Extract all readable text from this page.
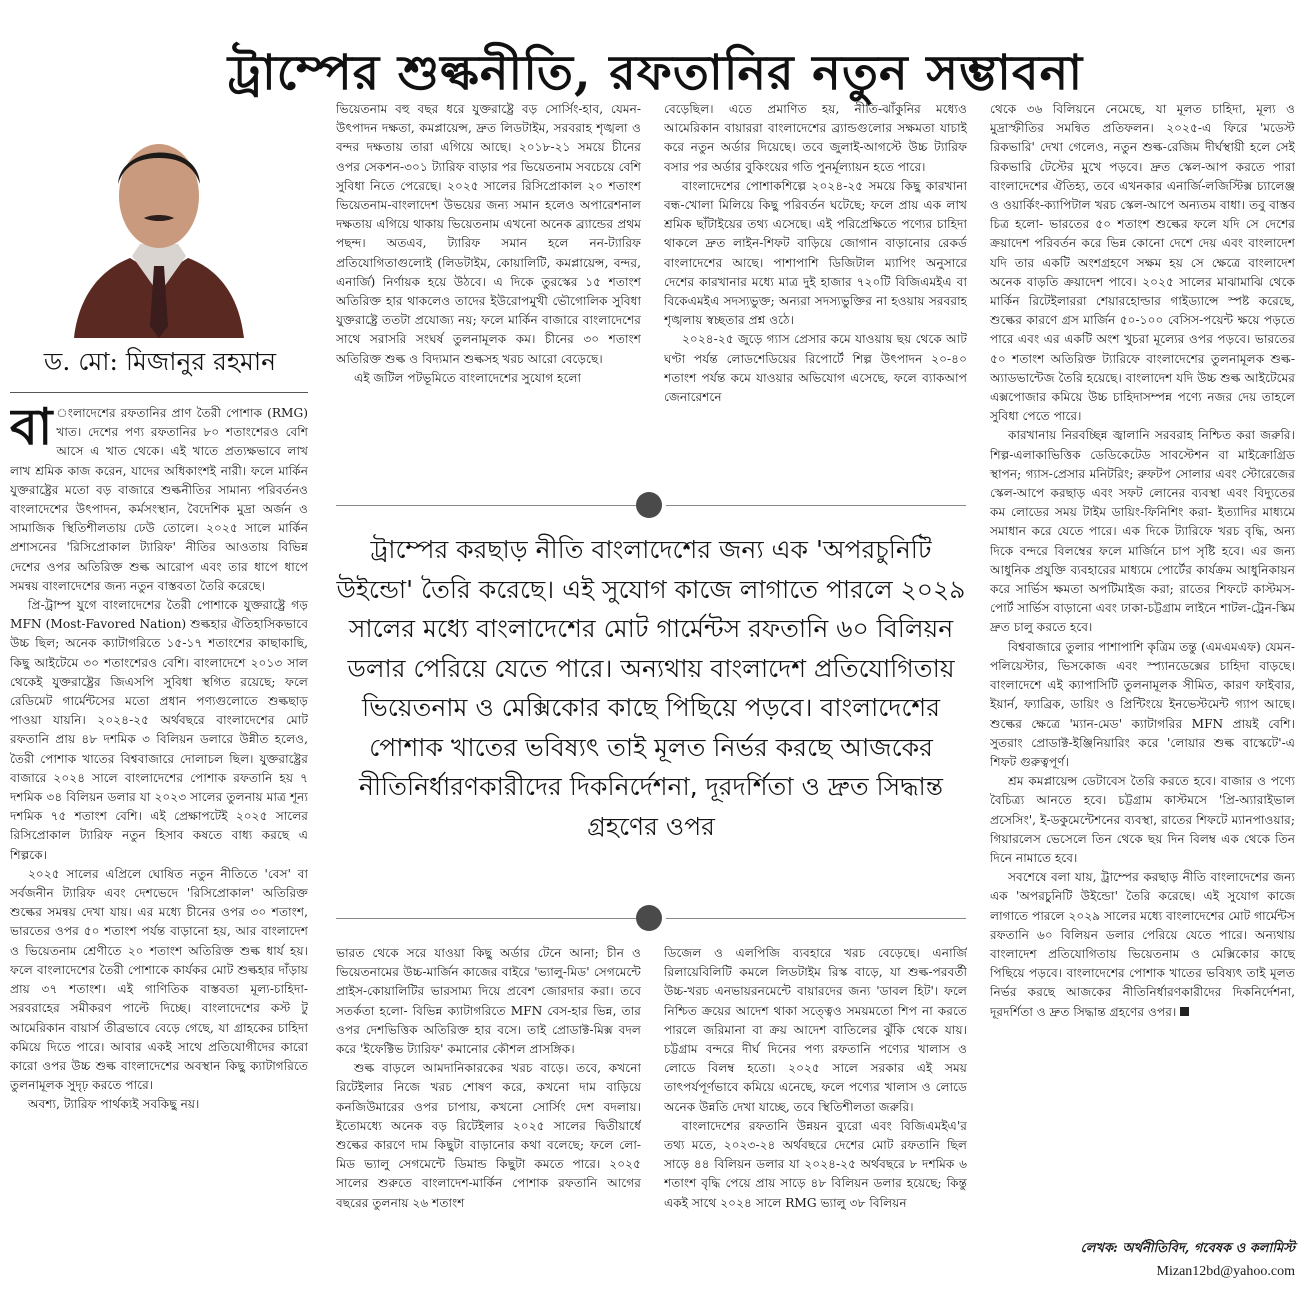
ট্রাম্পের শুল্কনীতি, রফতানির নতুন সম্ভাবনা
ড. মো: মিজানুর রহমান

বা ংলাদেশের রফতানির প্রাণ তৈরী পোশাক (RMG) খাত। দেশের পণ্য রফতানির ৮০ শতাংশেরও বেশি আসে এ খাত থেকে। এই খাতে প্রত্যক্ষভাবে লাখ লাখ শ্রমিক কাজ করেন, যাদের অধিকাংশই নারী। ফলে মার্কিন যুক্তরাষ্ট্রের মতো বড় বাজারে শুল্কনীতির সামান্য পরিবর্তনও বাংলাদেশের উৎপাদন, কর্মসংস্থান, বৈদেশিক মুদ্রা অর্জন ও সামাজিক স্থিতিশীলতায় ঢেউ তোলে। ২০২৫ সালে মার্কিন প্রশাসনের 'রিসিপ্রোকাল ট্যারিফ' নীতির আওতায় বিভিন্ন দেশের ওপর অতিরিক্ত শুল্ক আরোপ এবং তার ধাপে ধাপে সমন্বয় বাংলাদেশের জন্য নতুন বাস্তবতা তৈরি করেছে।

প্রি-ট্রাম্প যুগে বাংলাদেশের তৈরী পোশাকে যুক্তরাষ্ট্রে গড় MFN (Most-Favored Nation) শুল্কহার ঐতিহাসিকভাবে উচ্চ ছিল; অনেক ক্যাটাগরিতে ১৫-১৭ শতাংশের কাছাকাছি, কিছু আইটেমে ৩০ শতাংশেরও বেশি। বাংলাদেশে ২০১৩ সাল থেকেই যুক্তরাষ্ট্রের জিএসপি সুবিধা স্থগিত রয়েছে; ফলে রেডিমেট গার্মেন্টসের মতো প্রধান পণ্যগুলোতে শুল্কছাড় পাওয়া যায়নি। ২০২৪-২৫ অর্থবছরে বাংলাদেশের মোট রফতানি প্রায় ৪৮ দশমিক ৩ বিলিয়ন ডলারে উন্নীত হলেও, তৈরী পোশাক খাতের বিশ্ববাজারে দোলাচল ছিল। যুক্তরাষ্ট্রের বাজারে ২০২৪ সালে বাংলাদেশের পোশাক রফতানি হয় ৭ দশমিক ৩৪ বিলিয়ন ডলার যা ২০২৩ সালের তুলনায় মাত্র শূন্য দশমিক ৭৫ শতাংশ বেশি। এই প্রেক্ষাপটেই ২০২৫ সালের রিসিপ্রোকাল ট্যারিফ নতুন হিসাব কষতে বাধ্য করছে এ শিল্পকে।

২০২৫ সালের এপ্রিলে ঘোষিত নতুন নীতিতে 'বেস' বা সর্বজনীন ট্যারিফ এবং দেশভেদে 'রিসিপ্রোকাল' অতিরিক্ত শুল্কের সমন্বয় দেখা যায়। এর মধ্যে চীনের ওপর ৩০ শতাংশ, ভারতের ওপর ৫০ শতাংশ পর্যন্ত বাড়ানো হয়, আর বাংলাদেশ ও ভিয়েতনাম শ্রেণীতে ২০ শতাংশ অতিরিক্ত শুল্ক ধার্য হয়। ফলে বাংলাদেশের তৈরী পোশাকে কার্যকর মোট শুল্কহার দাঁড়ায় প্রায় ৩৭ শতাংশ। এই গাণিতিক বাস্তবতা মূল্য-চাহিদা-সরবরাহের সমীকরণ পাল্টে দিচ্ছে। বাংলাদেশের কস্ট টু আমেরিকান বায়ার্স তীব্রভাবে বেড়ে গেছে, যা গ্রাহকের চাহিদা কমিয়ে দিতে পারে। আবার একই সাথে প্রতিযোগীদের কারো কারো ওপর উচ্চ শুল্ক বাংলাদেশের অবস্থান কিছু ক্যাটাগরিতে তুলনামূলক সুদৃঢ় করতে পারে।

অবশ্য, ট্যারিফ পার্থক্যই সবকিছু নয়।

ভিয়েতনাম বহু বছর ধরে যুক্তরাষ্ট্রে বড় সোর্সিং-হাব, যেমন- উৎপাদন দক্ষতা, কমপ্লায়েন্স, দ্রুত লিডটাইম, সরবরাহ শৃঙ্খলা ও বন্দর দক্ষতায় তারা এগিয়ে আছে। ২০১৮-২১ সময়ে চীনের ওপর সেকশন-৩০১ ট্যারিফ বাড়ার পর ভিয়েতনাম সবচেয়ে বেশি সুবিধা নিতে পেরেছে। ২০২৫ সালের রিসিপ্রোকাল ২০ শতাংশ ভিয়েতনাম-বাংলাদেশ উভয়ের জন্য সমান হলেও অপারেশনাল দক্ষতায় এগিয়ে থাকায় ভিয়েতনাম এখনো অনেক ব্র্যান্ডের প্রথম পছন্দ। অতএব, ট্যারিফ সমান হলে নন-ট্যারিফ প্রতিযোগিতাগুলোই (লিডটাইম, কোয়ালিটি, কমপ্লায়েন্স, বন্দর, এনার্জি) নির্ণায়ক হয়ে উঠবে। এ দিকে তুরস্কের ১৫ শতাংশ অতিরিক্ত হার থাকলেও তাদের ইউরোপমুখী ভৌগোলিক সুবিধা যুক্তরাষ্ট্রে ততটা প্রযোজ্য নয়; ফলে মার্কিন বাজারে বাংলাদেশের সাথে সরাসরি সংঘর্ষ তুলনামূলক কম। চীনের ৩০ শতাংশ অতিরিক্ত শুল্ক ও বিদ্যমান শুল্কসহ খরচ আরো বেড়েছে।

এই জটিল পটভূমিতে বাংলাদেশের সুযোগ হলো

বেড়েছিল। এতে প্রমাণিত হয়, নীতি-ঝাঁকুনির মধ্যেও আমেরিকান বায়াররা বাংলাদেশের ব্র্যান্ডগুলোর সক্ষমতা যাচাই করে নতুন অর্ডার দিয়েছে। তবে জুলাই-আগস্টে উচ্চ ট্যারিফ বসার পর অর্ডার বুকিংয়ের গতি পুনর্মূল্যায়ন হতে পারে।

বাংলাদেশের পোশাকশিল্পে ২০২৪-২৫ সময়ে কিছু কারখানা বন্ধ-খোলা মিলিয়ে কিছু পরিবর্তন ঘটেছে; ফলে প্রায় এক লাখ শ্রমিক ছাঁটাইয়ের তথ্য এসেছে। এই পরিপ্রেক্ষিতে পণ্যের চাহিদা থাকলে দ্রুত লাইন-শিফট বাড়িয়ে জোগান বাড়ানোর রেকর্ড বাংলাদেশের আছে। পাশাপাশি ডিজিটাল ম্যাপিং অনুসারে দেশের কারখানার মধ্যে মাত্র দুই হাজার ৭২০টি বিজিএমইএ বা বিকেএমইএ সদস্যভুক্ত; অন্যরা সদস্যভুক্তির না হওয়ায় সরবরাহ শৃঙ্খলায় স্বচ্ছতার প্রশ্ন ওঠে।

২০২৪-২৫ জুড়ে গ্যাস প্রেসার কমে যাওয়ায় ছয় থেকে আট ঘণ্টা পর্যন্ত লোডশেডিয়ের রিপোর্টে শিল্প উৎপাদন ২০-৪০ শতাংশ পর্যন্ত কমে যাওয়ার অভিযোগ এসেছে, ফলে ব্যাকআপ জেনারেশনে

ট্রাম্পের করছাড় নীতি বাংলাদেশের জন্য এক 'অপরচুনিটি উইন্ডো' তৈরি করেছে। এই সুযোগ কাজে লাগাতে পারলে ২০২৯ সালের মধ্যে বাংলাদেশের মোট গার্মেন্টস রফতানি ৬০ বিলিয়ন ডলার পেরিয়ে যেতে পারে। অন্যথায় বাংলাদেশ প্রতিযোগিতায় ভিয়েতনাম ও মেক্সিকোর কাছে পিছিয়ে পড়বে। বাংলাদেশের পোশাক খাতের ভবিষ্যৎ তাই মূলত নির্ভর করছে আজকের নীতিনির্ধারণকারীদের দিকনির্দেশনা, দূরদর্শিতা ও দ্রুত সিদ্ধান্ত গ্রহণের ওপর

ভারত থেকে সরে যাওয়া কিছু অর্ডার টেনে আনা; চীন ও ভিয়েতনামের উচ্চ-মার্জিন কাজের বাইরে 'ভ্যালু-মিড' সেগমেন্টে প্রাইস-কোয়ালিটির ভারসাম্য দিয়ে প্রবেশ জোরদার করা। তবে সতর্কতা হলো- বিভিন্ন ক্যাটাগরিতে MFN বেস-হার ভিন্ন, তার ওপর দেশভিত্তিক অতিরিক্ত হার বসে। তাই প্রোডাক্ট-মিক্স বদল করে 'ইফেক্টিভ ট্যারিফ' কমানোর কৌশল প্রাসঙ্গিক।

শুল্ক বাড়লে আমদানিকারকের খরচ বাড়ে। তবে, কখনো রিটেইলার নিজে খরচ শোষণ করে, কখনো দাম বাড়িয়ে কনজিউমারের ওপর চাপায়, কখনো সোর্সিং দেশ বদলায়। ইতোমধ্যে অনেক বড় রিটেইলার ২০২৫ সালের দ্বিতীয়ার্ধে শুল্কের কারণে দাম কিছুটা বাড়ানোর কথা বলেছে; ফলে লো-মিড ভ্যালু সেগমেন্টে ডিমান্ড কিছুটা কমতে পারে। ২০২৫ সালের শুরুতে বাংলাদেশ-মার্কিন পোশাক রফতানি আগের বছরের তুলনায় ২৬ শতাংশ

ডিজেল ও এলপিজি ব্যবহারে খরচ বেড়েছে। এনার্জি রিলায়েবিলিটি কমলে লিডটাইম রিস্ক বাড়ে, যা শুল্ক-পরবর্তী উচ্চ-খরচ এনভায়রনমেন্টে বায়ারদের জন্য 'ডাবল হিট'। ফলে নিশ্চিত ক্রয়ের আদেশ থাকা সত্ত্বেও সময়মতো শিপ না করতে পারলে জরিমানা বা ক্রয় আদেশ বাতিলের ঝুঁকি থেকে যায়। চট্টগ্রাম বন্দরে দীর্ঘ দিনের পণ্য রফতানি পণ্যের খালাস ও লোডে বিলম্ব হতো। ২০২৫ সালে সরকার এই সময় তাৎপর্যপূর্ণভাবে কমিয়ে এনেছে, ফলে পণ্যের খালাস ও লোডে অনেক উন্নতি দেখা যাচ্ছে, তবে স্থিতিশীলতা জরুরি।

বাংলাদেশের রফতানি উন্নয়ন ব্যুরো এবং বিজিএমইএ'র তথ্য মতে, ২০২৩-২৪ অর্থবছরে দেশের মোট রফতানি ছিল সাড়ে ৪৪ বিলিয়ন ডলার যা ২০২৪-২৫ অর্থবছরে ৮ দশমিক ৬ শতাংশ বৃদ্ধি পেয়ে প্রায় সাড়ে ৪৮ বিলিয়ন ডলার হয়েছে; কিন্তু একই সাথে ২০২৪ সালে RMG ভ্যালু ৩৮ বিলিয়ন

থেকে ৩৬ বিলিয়নে নেমেছে, যা মূলত চাহিদা, মূল্য ও মুদ্রাস্ফীতির সমন্বিত প্রতিফলন। ২০২৫-এ ফিরে 'মডেস্ট রিকভারি' দেখা গেলেও, নতুন শুল্ক-রেজিম দীর্ঘস্থায়ী হলে সেই রিকভারি টেস্টের মুখে পড়বে। দ্রুত স্কেল-আপ করতে পারা বাংলাদেশের ঐতিহ্য, তবে এখনকার এনার্জি-লজিস্টিক্স চ্যালেঞ্জ ও ওয়ার্কিং-ক্যাপিটাল খরচ স্কেল-আপে অন্যতম বাধা। তবু বাস্তব চিত্র হলো- ভারতের ৫০ শতাংশ শুল্কের ফলে যদি সে দেশের ক্রয়াদেশ পরিবর্তন করে ভিন্ন কোনো দেশে দেয় এবং বাংলাদেশ যদি তার একটি অংশগ্রহণে সক্ষম হয় সে ক্ষেত্রে বাংলাদেশ অনেক বাড়তি ক্রয়াদেশ পাবে। ২০২৫ সালের মাঝামাঝি থেকে মার্কিন রিটেইলাররা শেয়ারহোল্ডার গাইড্যান্সে স্পষ্ট করেছে, শুল্কের কারণে গ্রস মার্জিন ৫০-১০০ বেসিস-পয়েন্ট ক্ষয়ে পড়তে পারে এবং এর একটি অংশ খুচরা মূল্যের ওপর পড়বে। ভারতের ৫০ শতাংশ অতিরিক্ত ট্যারিফে বাংলাদেশের তুলনামূলক শুল্ক-অ্যাডভান্টেজ তৈরি হয়েছে। বাংলাদেশ যদি উচ্চ শুল্ক আইটেমের এক্সপোজার কমিয়ে উচ্চ চাহিদাসম্পন্ন পণ্যে নজর দেয় তাহলে সুবিধা পেতে পারে।

কারখানায় নিরবচ্ছিন্ন জ্বালানি সরবরাহ নিশ্চিত করা জরুরি। শিল্প-এলাকাভিত্তিক ডেডিকেটেড সাবস্টেশন বা মাইক্রোগ্রিড স্থাপন; গ্যাস-প্রেসার মনিটরিং; রুফটপ সোলার এবং স্টোরেজের স্কেল-আপে করছাড় এবং সফট লোনের ব্যবস্থা এবং বিদ্যুতের কম লোডের সময় টাইম ডায়িং-ফিনিশিং করা- ইত্যাদির মাধ্যমে সমাধান করে যেতে পারে। এক দিকে ট্যারিফে খরচ বৃদ্ধি, অন্য দিকে বন্দরে বিলম্বের ফলে মার্জিনে চাপ সৃষ্টি হবে। এর জন্য আধুনিক প্রযুক্তি ব্যবহারের মাধ্যমে পোর্টের কার্যক্রম আধুনিকায়ন করে সার্ভিস ক্ষমতা অপটিমাইজ করা; রাতের শিফটে কাস্টমস-পোর্ট সার্ভিস বাড়ানো এবং ঢাকা-চট্টগ্রাম লাইনে শাটল-ট্রেন-স্কিম দ্রুত চালু করতে হবে।

বিশ্ববাজারে তুলার পাশাপাশি কৃত্রিম তন্তু (এমএমএফ) যেমন- পলিয়েস্টার, ভিসকোজ এবং স্প্যানডেক্সের চাহিদা বাড়ছে। বাংলাদেশে এই ক্যাপাসিটি তুলনামূলক সীমিত, কারণ ফাইবার, ইয়ার্ন, ফ্যাব্রিক, ডায়িং ও প্রিন্টিংয়ে ইনভেস্টমেন্ট গ্যাপ আছে। শুল্কের ক্ষেত্রে 'ম্যান-মেড' ক্যাটাগরির MFN প্রায়ই বেশি। সুতরাং প্রোডাক্ট-ইঞ্জিনিয়ারিং করে 'লোয়ার শুল্ক বাস্কেটে'-এ শিফট গুরুত্বপূর্ণ।

শ্রম কমপ্লায়েন্স ডেটাবেস তৈরি করতে হবে। বাজার ও পণ্যে বৈচিত্র্য আনতে হবে। চট্টগ্রাম কাস্টমসে 'প্রি-অ্যারাইভাল প্রসেসিং', ই-ডকুমেন্টেশনের ব্যবস্থা, রাতের শিফটে ম্যানপাওয়ার; গিয়ারলেস ভেসেলে তিন থেকে ছয় দিন বিলম্ব এক থেকে তিন দিনে নামাতে হবে।

সবশেষে বলা যায়, ট্রাম্পের করছাড় নীতি বাংলাদেশের জন্য এক 'অপরচুনিটি উইন্ডো' তৈরি করেছে। এই সুযোগ কাজে লাগাতে পারলে ২০২৯ সালের মধ্যে বাংলাদেশের মোট গার্মেন্টস রফতানি ৬০ বিলিয়ন ডলার পেরিয়ে যেতে পারে। অন্যথায় বাংলাদেশ প্রতিযোগিতায় ভিয়েতনাম ও মেক্সিকোর কাছে পিছিয়ে পড়বে। বাংলাদেশের পোশাক খাতের ভবিষ্যৎ তাই মূলত নির্ভর করছে আজকের নীতিনির্ধারণকারীদের দিকনির্দেশনা, দূরদর্শিতা ও দ্রুত সিদ্ধান্ত গ্রহণের ওপর।

লেখক: অর্থনীতিবিদ, গবেষক ও কলামিস্ট
Mizan12bd@yahoo.com
